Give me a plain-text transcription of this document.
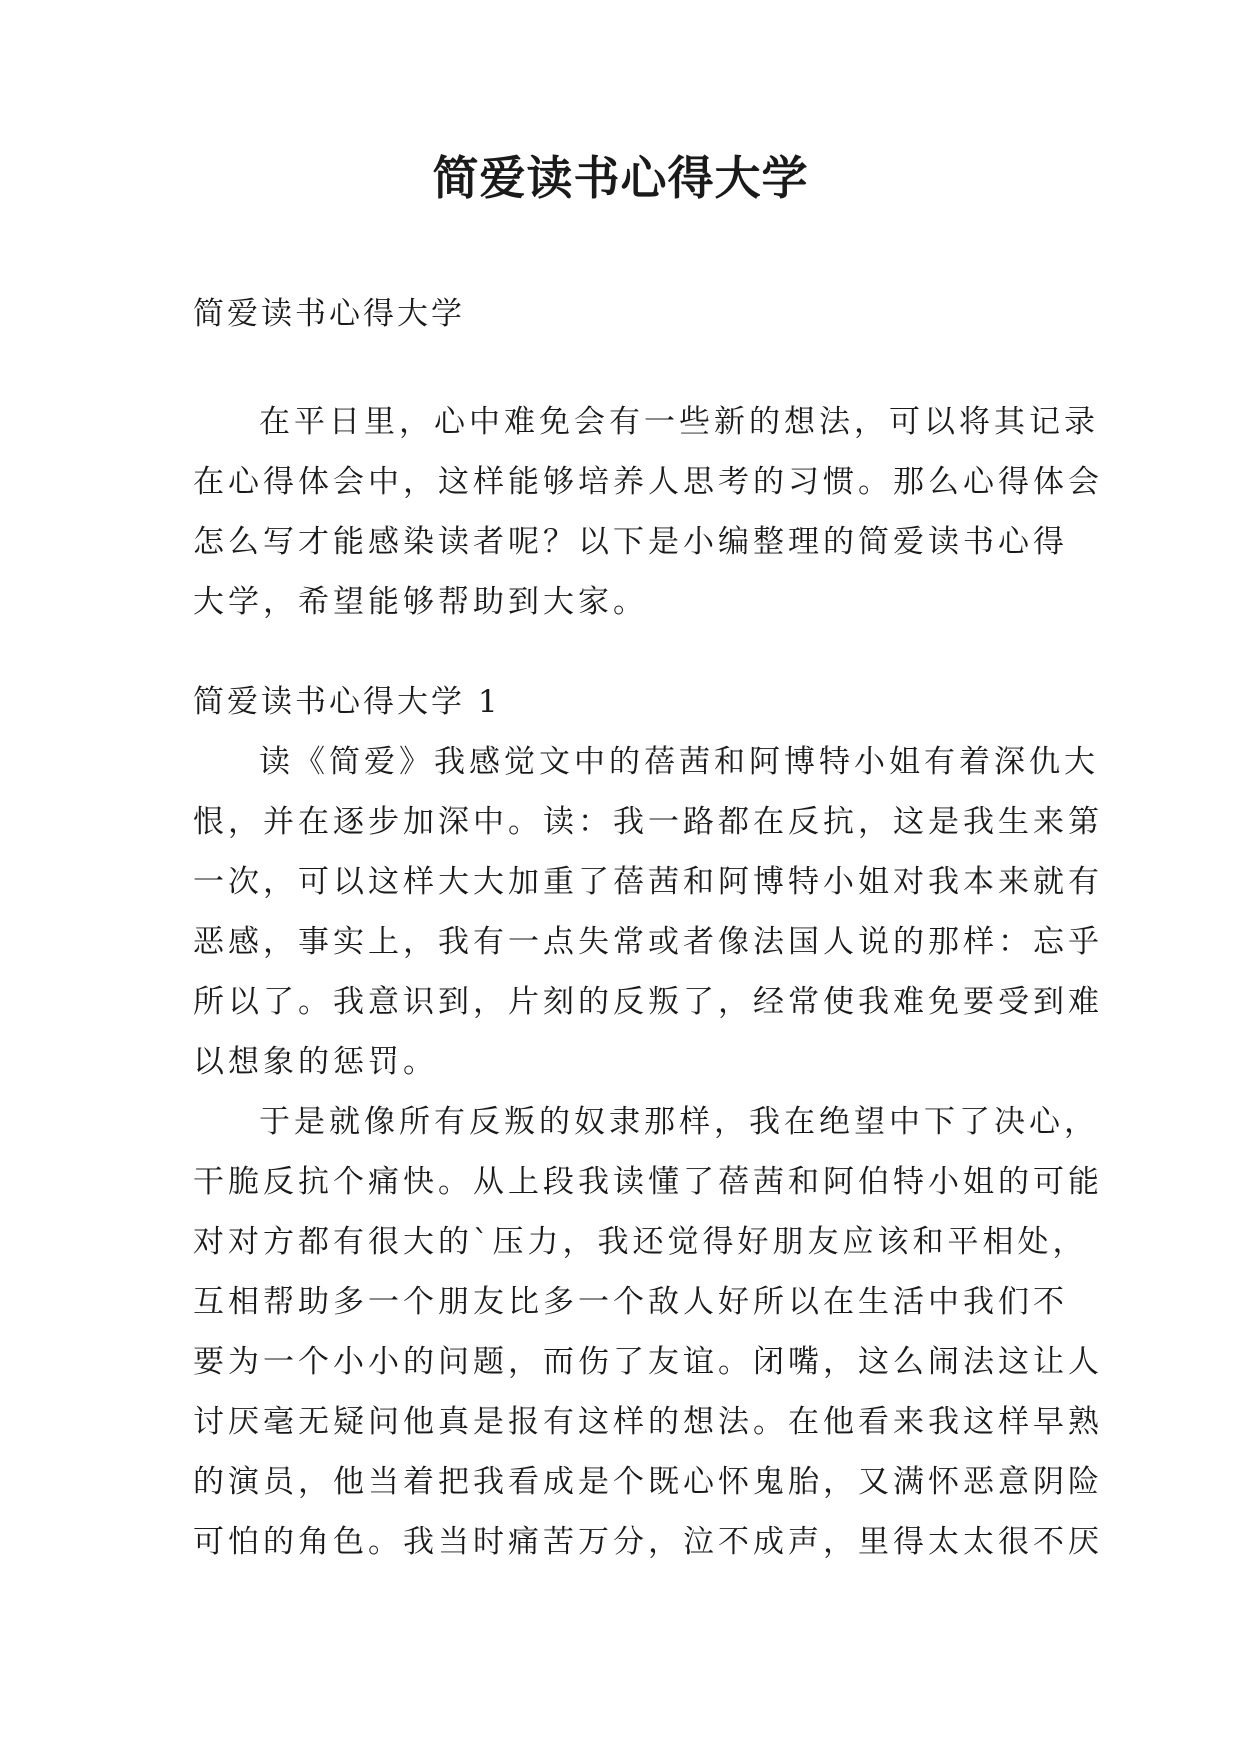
简爱读书心得大学
简爱读书心得大学
在平日里，心中难免会有一些新的想法，可以将其记录
在心得体会中，这样能够培养人思考的习惯。那么心得体会
怎么写才能感染读者呢？以下是小编整理的简爱读书心得
大学，希望能够帮助到大家。
简爱读书心得大学 1
读《简爱》我感觉文中的蓓茜和阿博特小姐有着深仇大
恨，并在逐步加深中。读：我一路都在反抗，这是我生来第
一次，可以这样大大加重了蓓茜和阿博特小姐对我本来就有
恶感，事实上，我有一点失常或者像法国人说的那样：忘乎
所以了。我意识到，片刻的反叛了，经常使我难免要受到难
以想象的惩罚。
于是就像所有反叛的奴隶那样，我在绝望中下了决心，
干脆反抗个痛快。从上段我读懂了蓓茜和阿伯特小姐的可能
对对方都有很大的`压力，我还觉得好朋友应该和平相处，
互相帮助多一个朋友比多一个敌人好所以在生活中我们不
要为一个小小的问题，而伤了友谊。闭嘴，这么闹法这让人
讨厌毫无疑问他真是报有这样的想法。在他看来我这样早熟
的演员，他当着把我看成是个既心怀鬼胎，又满怀恶意阴险
可怕的角色。我当时痛苦万分，泣不成声，里得太太很不厌
